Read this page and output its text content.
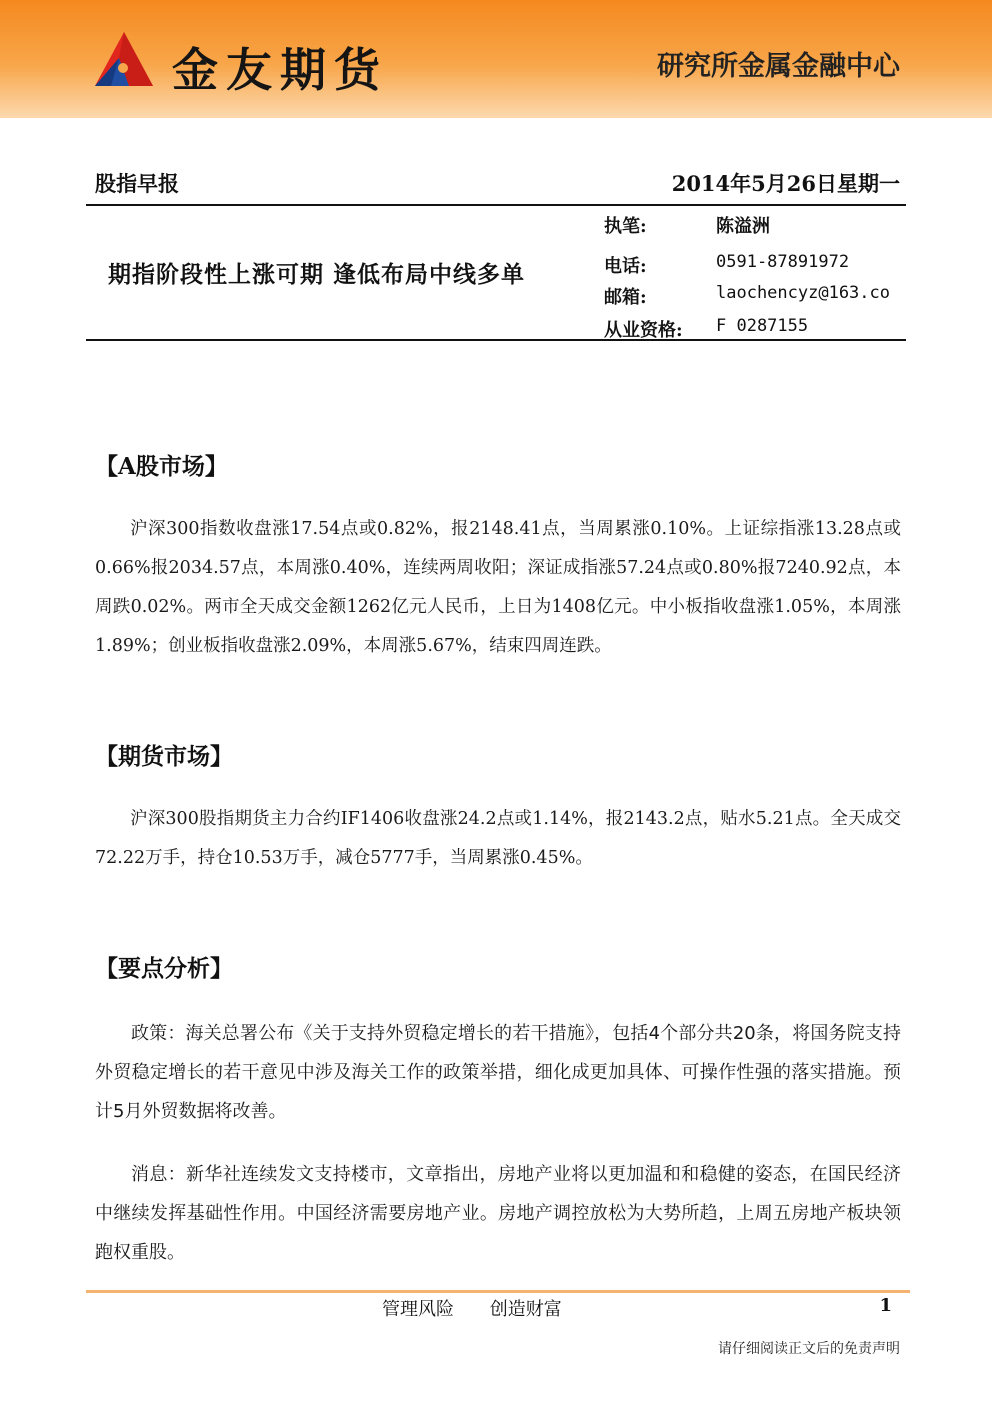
金友期货	研究所金属金融中心
股指早报	2014年5月26日星期一
期指阶段性上涨可期 逢低布局中线多单
执笔:	陈溢洲
电话:	0591-87891972
邮箱:	laochencyz@163.co
从业资格: F 0287155
【A股市场】

沪深300指数收盘涨17.54点或0.82%，报2148.41点，当周累涨0.10%。上证综指涨13.28点或0.66%报2034.57点，本周涨0.40%，连续两周收阳；深证成指涨57.24点或0.80%报7240.92点，本周跌0.02%。两市全天成交金额1262亿元人民币，上日为1408亿元。中小板指收盘涨1.05%，本周涨1.89%；创业板指收盘涨2.09%，本周涨5.67%，结束四周连跌。

【期货市场】

沪深300股指期货主力合约IF1406收盘涨24.2点或1.14%，报2143.2点，贴水5.21点。全天成交72.22万手，持仓10.53万手，减仓5777手，当周累涨0.45%。

【要点分析】

政策：海关总署公布《关于支持外贸稳定增长的若干措施》，包括4个部分共20条，将国务院支持外贸稳定增长的若干意见中涉及海关工作的政策举措，细化成更加具体、可操作性强的落实措施。预计5月外贸数据将改善。

消息：新华社连续发文支持楼市，文章指出，房地产业将以更加温和和稳健的姿态，在国民经济中继续发挥基础性作用。中国经济需要房地产业。房地产调控放松为大势所趋，上周五房地产板块领跑权重股。

管理风险 创造财富	1
请仔细阅读正文后的免责声明
